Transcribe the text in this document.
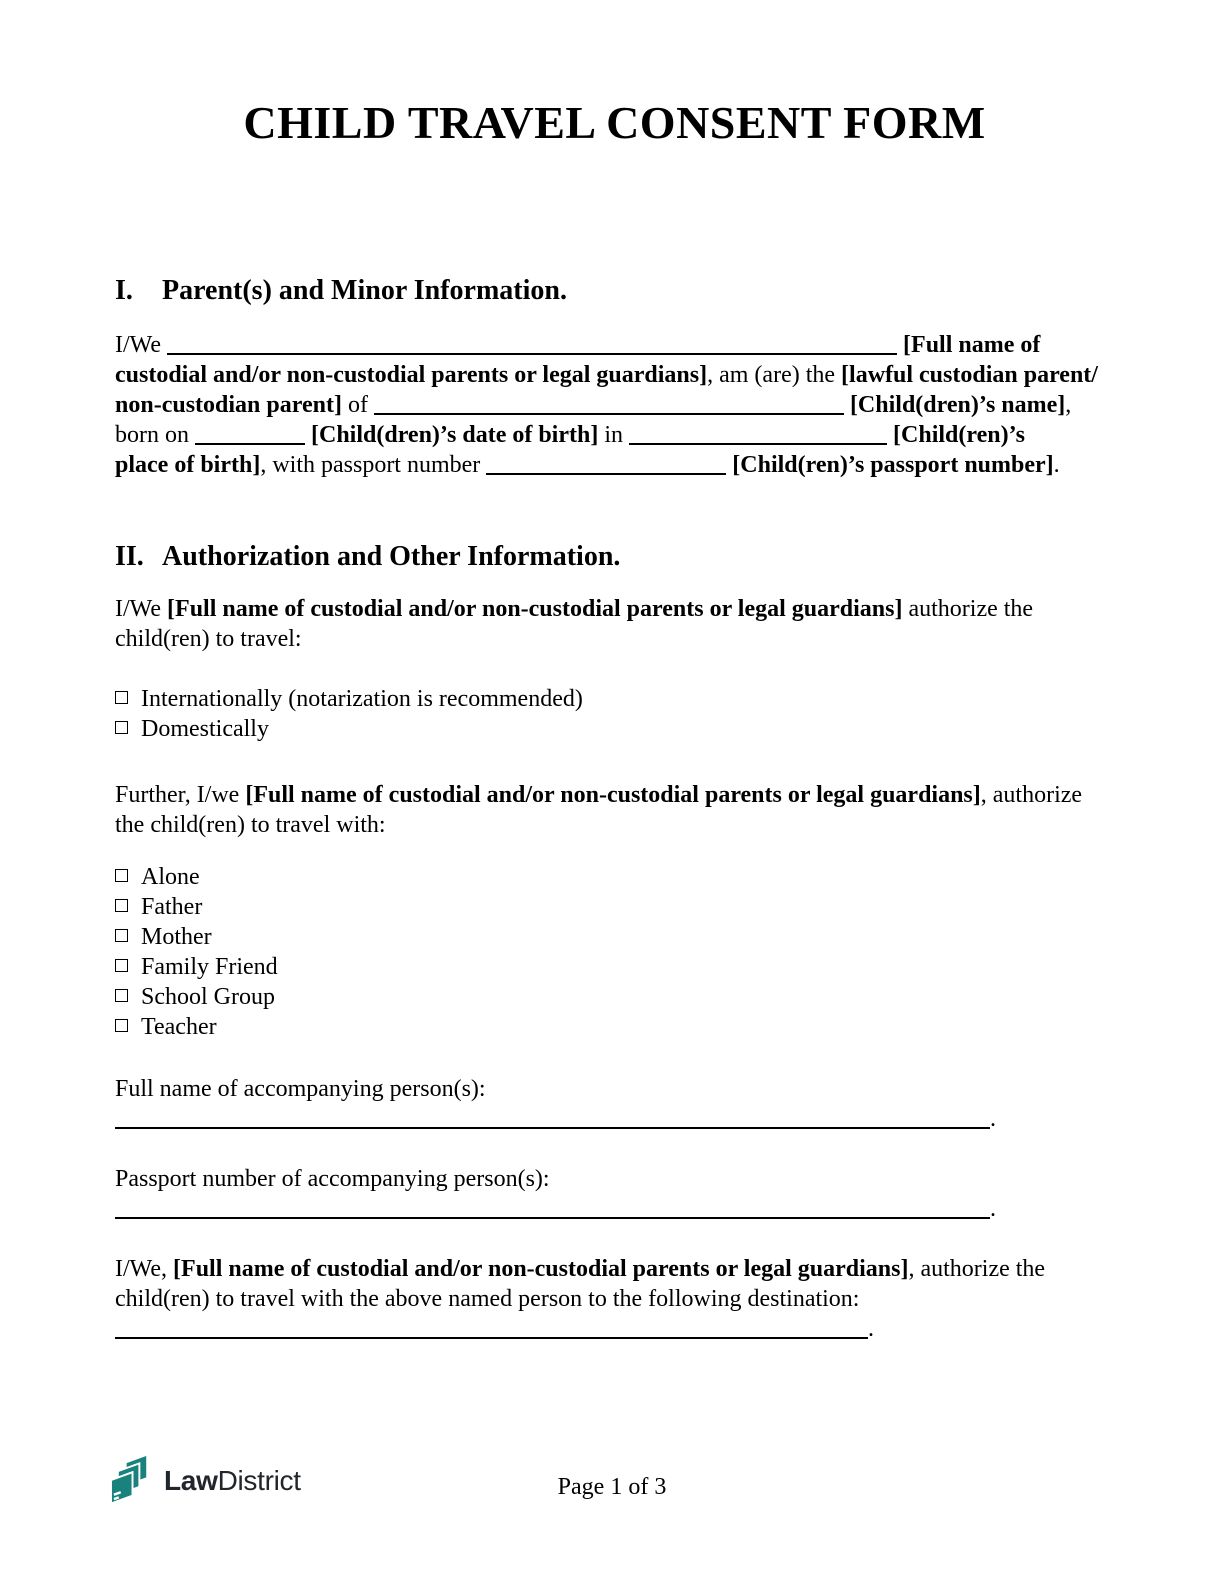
CHILD TRAVEL CONSENT FORM
I. Parent(s) and Minor Information.
I/We	[Full name of
custodial and/or non-custodial parents or legal guardians], am (are) the [lawful custodian parent/
non-custodian parent] of	[Child(dren)’s name],
born on	[Child(dren)’s date of birth] in	[Child(ren)’s
place of birth], with passport number	[Child(ren)’s passport number].
II. Authorization and Other Information.
I/We [Full name of custodial and/or non-custodial parents or legal guardians] authorize the
child(ren) to travel:
Internationally (notarization is recommended)
Domestically
Further, I/we [Full name of custodial and/or non-custodial parents or legal guardians], authorize
the child(ren) to travel with:
Alone
Father
Mother
Family Friend
School Group
Teacher
Full name of accompanying person(s):
.
Passport number of accompanying person(s):
.
I/We, [Full name of custodial and/or non-custodial parents or legal guardians], authorize the
child(ren) to travel with the above named person to the following destination:
.
LawDistrict	Page 1 of 3
